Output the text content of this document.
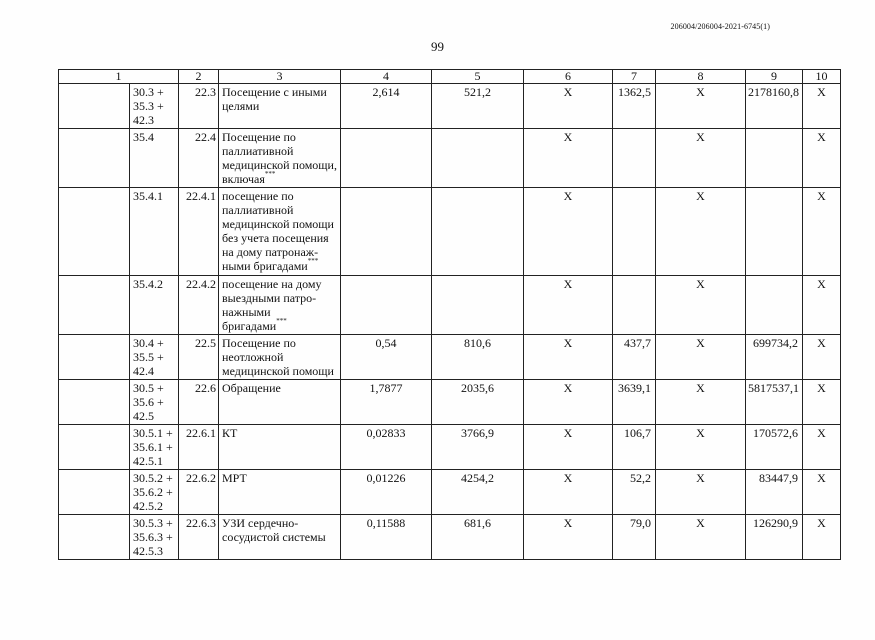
206004/206004-2021-6745(1)
99
1		2	3	4	5	6	7	8	9	10
	30.3 + 35.3 + 42.3	22.3	Посещение с иными целями	2,614	521,2	X	1362,5	X	2178160,8	X
	35.4	22.4	Посещение по паллиативной медицинской помощи, включая***			X		X		X
	35.4.1	22.4.1	посещение по паллиативной медицинской помощи без учета посещения на дому патронаж-ными бригадами***			X		X		X
	35.4.2	22.4.2	посещение на дому выездными патро-нажными бригадами***			X		X		X
	30.4 + 35.5 + 42.4	22.5	Посещение по неотложной медицинской помощи	0,54	810,6	X	437,7	X	699734,2	X
	30.5 + 35.6 + 42.5	22.6	Обращение	1,7877	2035,6	X	3639,1	X	5817537,1	X
	30.5.1 + 35.6.1 + 42.5.1	22.6.1	КТ	0,02833	3766,9	X	106,7	X	170572,6	X
	30.5.2 + 35.6.2 + 42.5.2	22.6.2	МРТ	0,01226	4254,2	X	52,2	X	83447,9	X
	30.5.3 + 35.6.3 + 42.5.3	22.6.3	УЗИ сердечно-сосудистой системы	0,11588	681,6	X	79,0	X	126290,9	X
